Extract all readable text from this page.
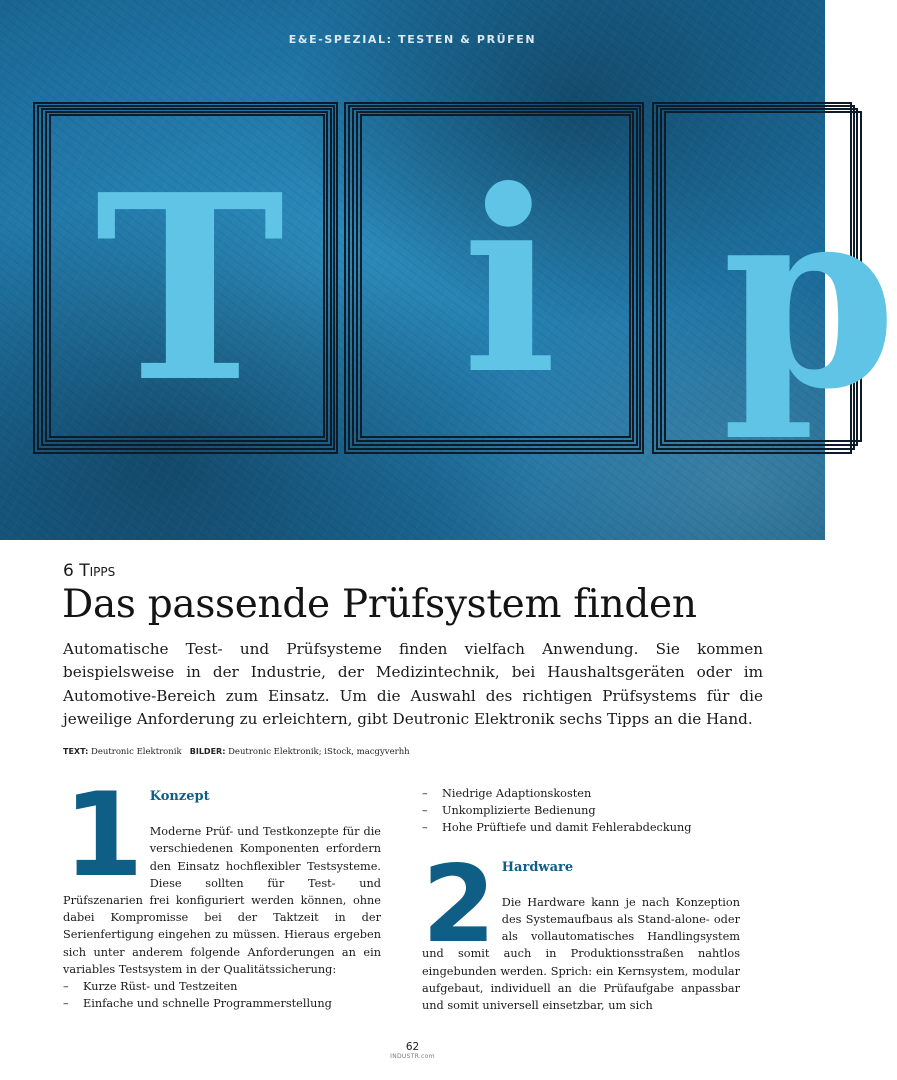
E&E-SPEZIAL: TESTEN & PRÜFEN
T i p
6 Tipps
Das passende Prüfsystem finden

Automatische Test- und Prüfsysteme finden vielfach Anwendung. Sie kommen beispielsweise in der Industrie, der Medizintechnik, bei Haushaltsgeräten oder im Automotive-Bereich zum Einsatz. Um die Auswahl des richtigen Prüfsystems für die jeweilige Anforderung zu erleichtern, gibt Deutronic Elektronik sechs Tipps an die Hand.

TEXT: Deutronic Elektronik BILDER: Deutronic Elektronik; iStock, macgyverhh
1 Konzept

Moderne Prüf- und Testkonzepte für die verschiedenen Komponenten erfordern den Einsatz hochflexibler Testsysteme. Diese sollten für Test- und Prüfszenarien frei konfiguriert werden können, ohne dabei Kompromisse bei der Taktzeit in der Serienfertigung eingehen zu müssen. Hieraus ergeben sich unter anderem folgende Anforderungen an ein variables Testsystem in der Qualitätssicherung:

– Kurze Rüst- und Testzeiten
– Einfache und schnelle Programmerstellung
– Niedrige Adaptionskosten
– Unkomplizierte Bedienung
– Hohe Prüftiefe und damit Fehlerabdeckung
2 Hardware

Die Hardware kann je nach Konzeption des Systemaufbaus als Stand-alone- oder als vollautomatisches Handlingsystem und somit auch in Produktionsstraßen nahtlos eingebunden werden. Sprich: ein Kernsystem, modular aufgebaut, individuell an die Prüfaufgabe anpassbar und somit universell einsetzbar, um sich

62
INDUSTR.com
